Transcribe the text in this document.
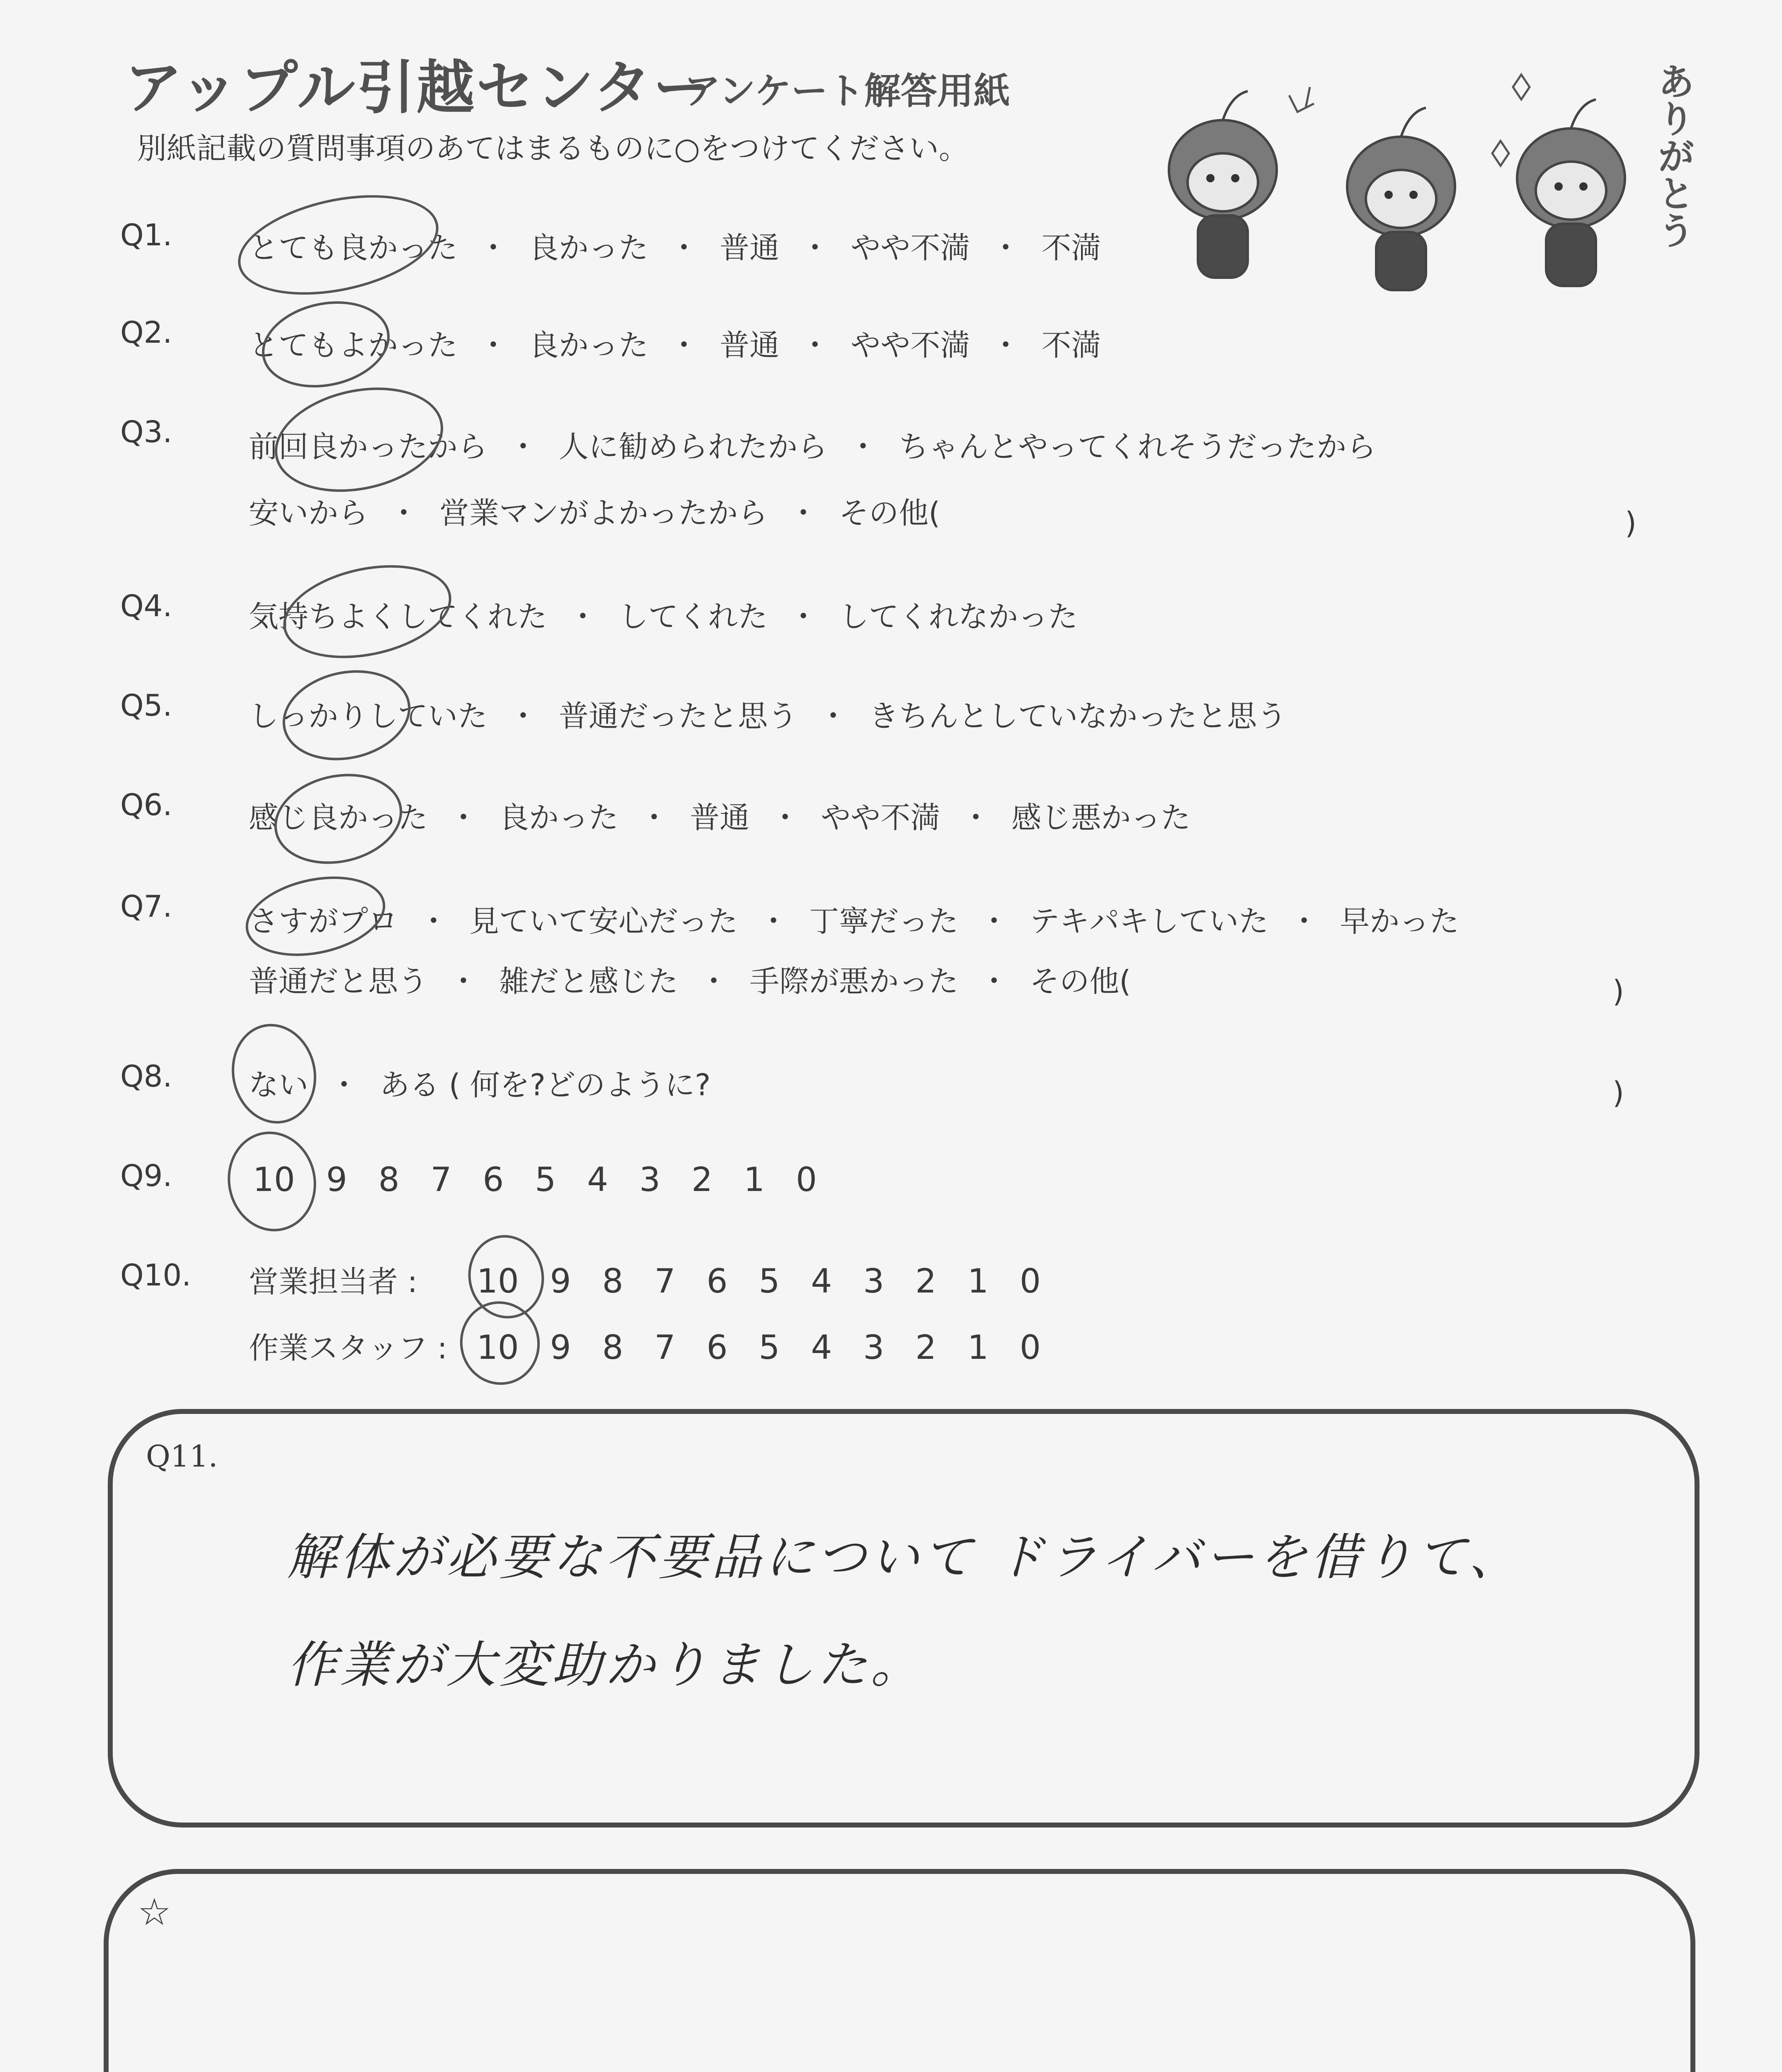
アップル引越センター
アンケート解答用紙
別紙記載の質問事項のあてはまるものに○をつけてください。	ありがとう
Q1.	とても良かった ・ 良かった ・ 普通 ・ やや不満 ・ 不満
Q2.	とてもよかった ・ 良かった ・ 普通 ・ やや不満 ・ 不満
Q3.	前回良かったから ・ 人に勧められたから ・ ちゃんとやってくれそうだったから
安いから ・ 営業マンがよかったから ・ その他(	)
Q4.	気持ちよくしてくれた ・ してくれた ・ してくれなかった
Q5.	しっかりしていた ・ 普通だったと思う ・ きちんとしていなかったと思う
Q6.	感じ良かった ・ 良かった ・ 普通 ・ やや不満 ・ 感じ悪かった
Q7.	さすがプロ ・ 見ていて安心だった ・ 丁寧だった ・ テキパキしていた ・ 早かった
普通だと思う ・ 雑だと感じた ・ 手際が悪かった ・ その他(	)
Q8.	ない ・ ある ( 何を?どのように?	)
Q9. 10 9 8 7 6 5 4 3 2 1 0
Q10. 営業担当者 : 10 9 8 7 6 5 4 3 2 1 0
作業スタッフ : 10 9 8 7 6 5 4 3 2 1 0
Q11.
解体が必要な不要品について ドライバーを借りて、
作業が大変助かりました。
☆
